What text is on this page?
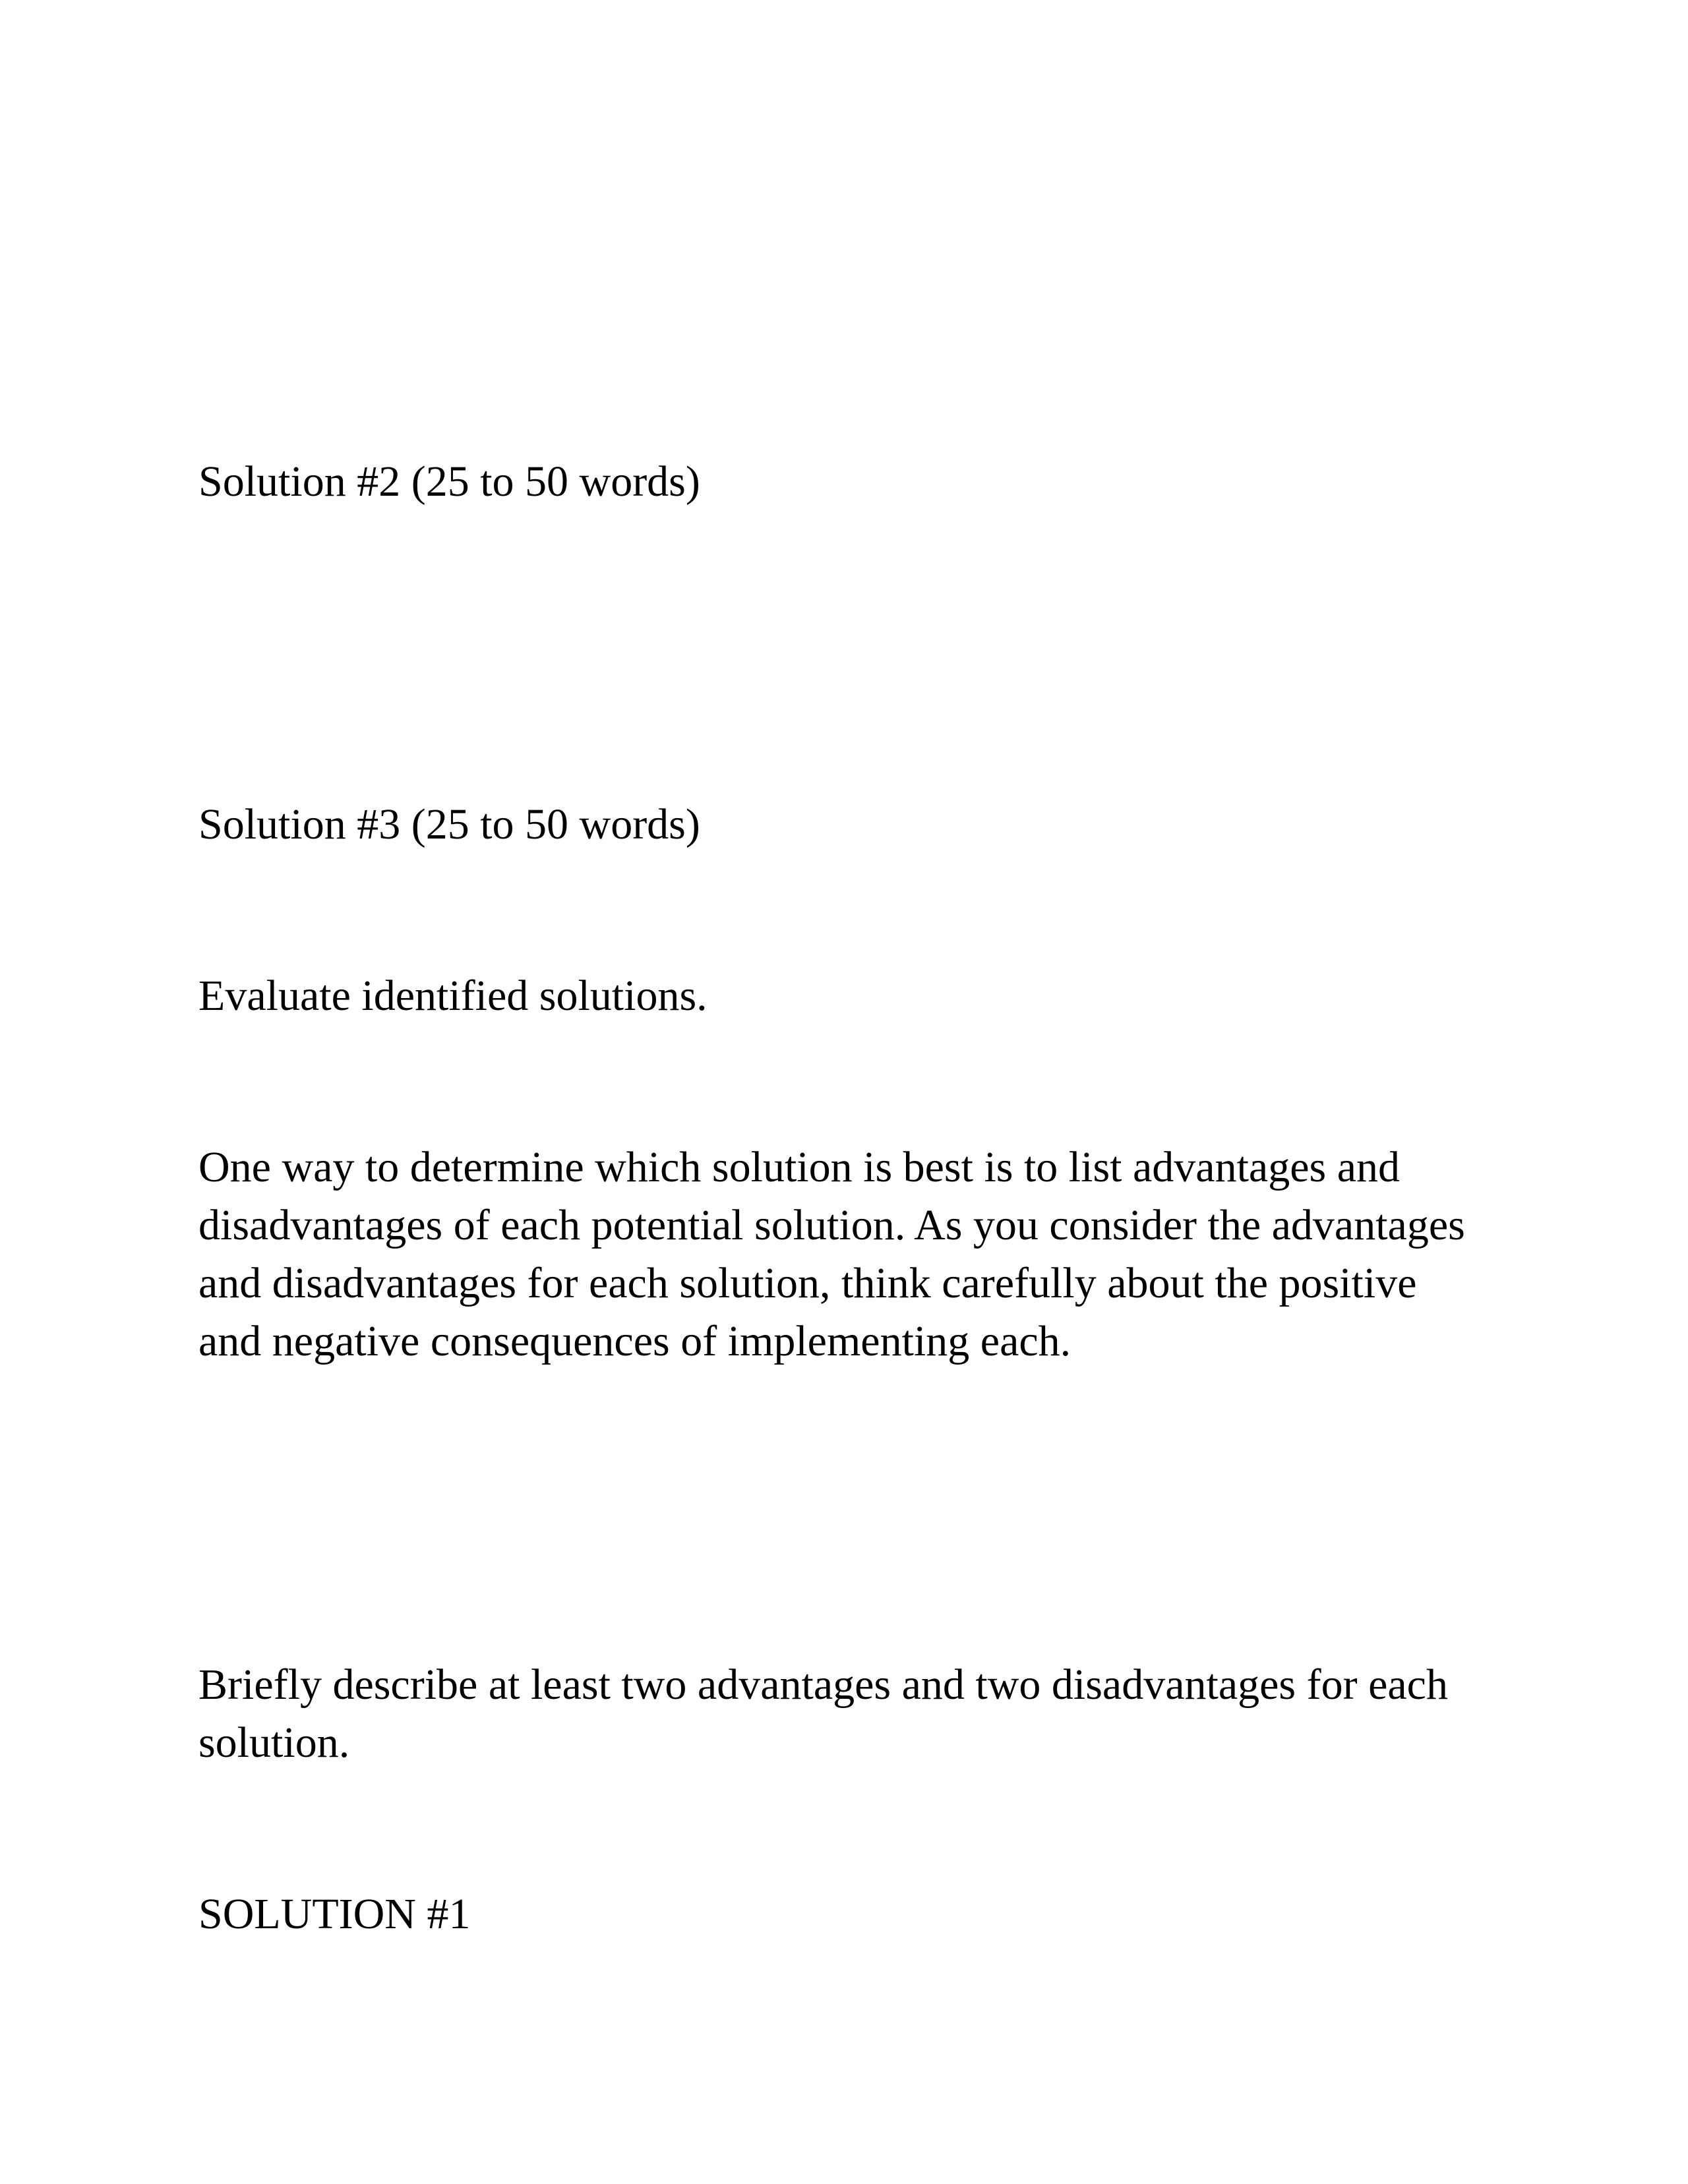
Solution #2 (25 to 50 words)

Solution #3 (25 to 50 words)

Evaluate identified solutions.

One way to determine which solution is best is to list advantages and
disadvantages of each potential solution. As you consider the advantages
and disadvantages for each solution, think carefully about the positive
and negative consequences of implementing each.

Briefly describe at least two advantages and two disadvantages for each
solution.

SOLUTION #1
